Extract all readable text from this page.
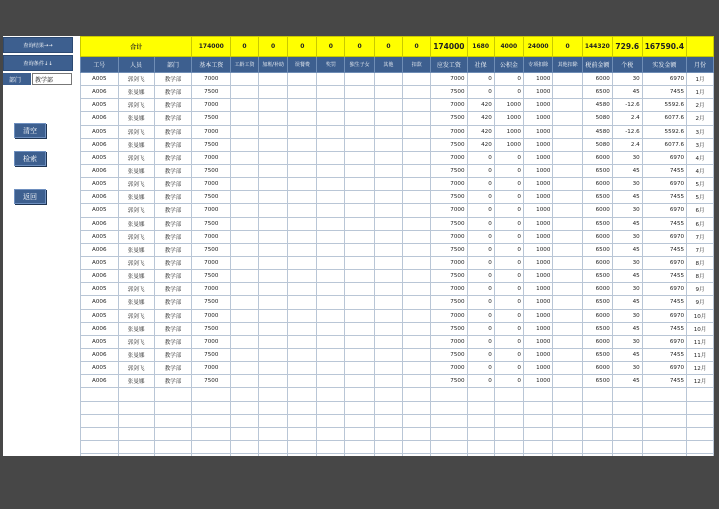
查询结果→→
查询条件↓↓
部门
教学部
清空
检索
返回
合计			174000	0	0	0	0	0	0	0	174000	1680	4000	24000	0	144320	729.6	167590.4	
工号	人员	部门	基本工资	工龄工资	加班/补助	误餐费	奖罚	独生子女	其他	扣款	应发工资	社保	公积金	专项扣除	其他扣除	税前金额	个税	实发金额	月份
A005	郭剑飞	教学部	7000								7000	0	0	1000		6000	30	6970	1月
A006	张曼娜	教学部	7500								7500	0	0	1000		6500	45	7455	1月
A005	郭剑飞	教学部	7000								7000	420	1000	1000		4580	-12.6	5592.6	2月
A006	张曼娜	教学部	7500								7500	420	1000	1000		5080	2.4	6077.6	2月
A005	郭剑飞	教学部	7000								7000	420	1000	1000		4580	-12.6	5592.6	3月
A006	张曼娜	教学部	7500								7500	420	1000	1000		5080	2.4	6077.6	3月
A005	郭剑飞	教学部	7000								7000	0	0	1000		6000	30	6970	4月
A006	张曼娜	教学部	7500								7500	0	0	1000		6500	45	7455	4月
A005	郭剑飞	教学部	7000								7000	0	0	1000		6000	30	6970	5月
A006	张曼娜	教学部	7500								7500	0	0	1000		6500	45	7455	5月
A005	郭剑飞	教学部	7000								7000	0	0	1000		6000	30	6970	6月
A006	张曼娜	教学部	7500								7500	0	0	1000		6500	45	7455	6月
A005	郭剑飞	教学部	7000								7000	0	0	1000		6000	30	6970	7月
A006	张曼娜	教学部	7500								7500	0	0	1000		6500	45	7455	7月
A005	郭剑飞	教学部	7000								7000	0	0	1000		6000	30	6970	8月
A006	张曼娜	教学部	7500								7500	0	0	1000		6500	45	7455	8月
A005	郭剑飞	教学部	7000								7000	0	0	1000		6000	30	6970	9月
A006	张曼娜	教学部	7500								7500	0	0	1000		6500	45	7455	9月
A005	郭剑飞	教学部	7000								7000	0	0	1000		6000	30	6970	10月
A006	张曼娜	教学部	7500								7500	0	0	1000		6500	45	7455	10月
A005	郭剑飞	教学部	7000								7000	0	0	1000		6000	30	6970	11月
A006	张曼娜	教学部	7500								7500	0	0	1000		6500	45	7455	11月
A005	郭剑飞	教学部	7000								7000	0	0	1000		6000	30	6970	12月
A006	张曼娜	教学部	7500								7500	0	0	1000		6500	45	7455	12月
